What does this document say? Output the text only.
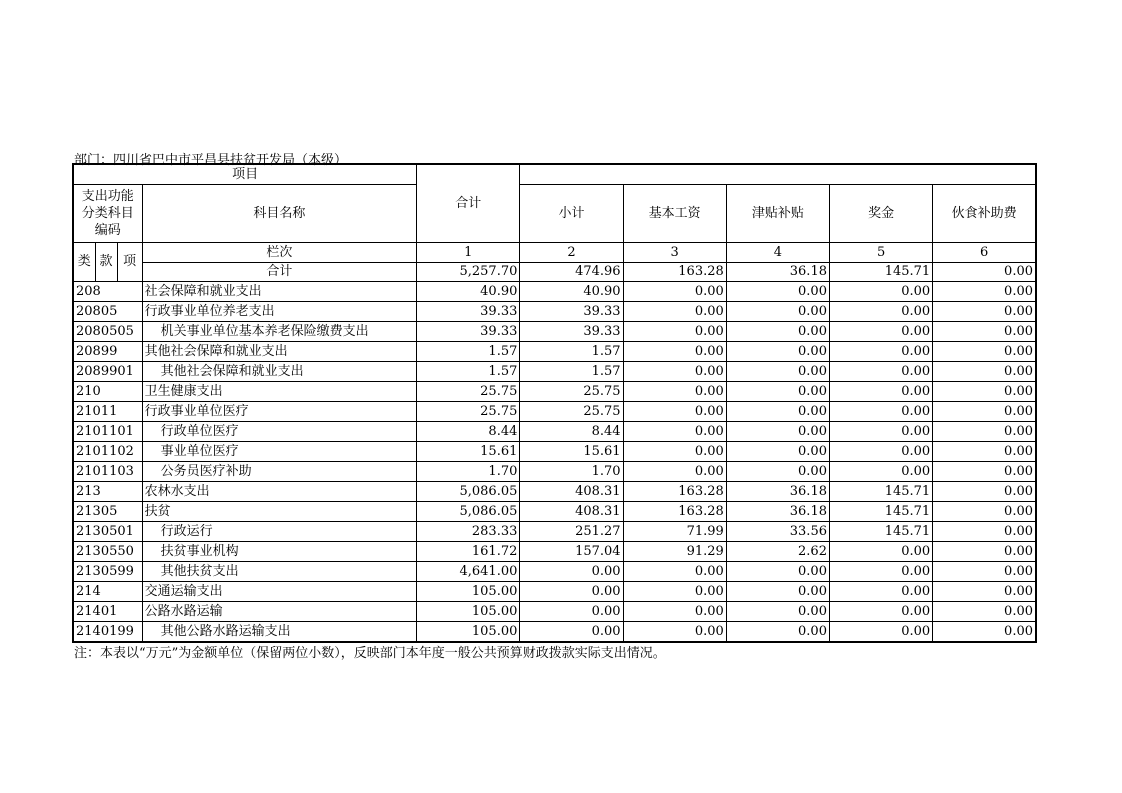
部门：四川省巴中市平昌县扶贫开发局（本级）
项目				合计					
支出功能分类科目编码			科目名称		小计	基本工资	津贴补贴	奖金	伙食补助费
类	款	项	栏次	1	2	3	4	5	6
			合计	5,257.70	474.96	163.28	36.18	145.71	0.00
208			社会保障和就业支出	40.90	40.90	0.00	0.00	0.00	0.00
20805			行政事业单位养老支出	39.33	39.33	0.00	0.00	0.00	0.00
2080505			机关事业单位基本养老保险缴费支出	39.33	39.33	0.00	0.00	0.00	0.00
20899			其他社会保障和就业支出	1.57	1.57	0.00	0.00	0.00	0.00
2089901			其他社会保障和就业支出	1.57	1.57	0.00	0.00	0.00	0.00
210			卫生健康支出	25.75	25.75	0.00	0.00	0.00	0.00
21011			行政事业单位医疗	25.75	25.75	0.00	0.00	0.00	0.00
2101101			行政单位医疗	8.44	8.44	0.00	0.00	0.00	0.00
2101102			事业单位医疗	15.61	15.61	0.00	0.00	0.00	0.00
2101103			公务员医疗补助	1.70	1.70	0.00	0.00	0.00	0.00
213			农林水支出	5,086.05	408.31	163.28	36.18	145.71	0.00
21305			扶贫	5,086.05	408.31	163.28	36.18	145.71	0.00
2130501			行政运行	283.33	251.27	71.99	33.56	145.71	0.00
2130550			扶贫事业机构	161.72	157.04	91.29	2.62	0.00	0.00
2130599			其他扶贫支出	4,641.00	0.00	0.00	0.00	0.00	0.00
214			交通运输支出	105.00	0.00	0.00	0.00	0.00	0.00
21401			公路水路运输	105.00	0.00	0.00	0.00	0.00	0.00
2140199			其他公路水路运输支出	105.00	0.00	0.00	0.00	0.00	0.00
注：本表以“万元”为金额单位（保留两位小数），反映部门本年度一般公共预算财政拨款实际支出情况。
